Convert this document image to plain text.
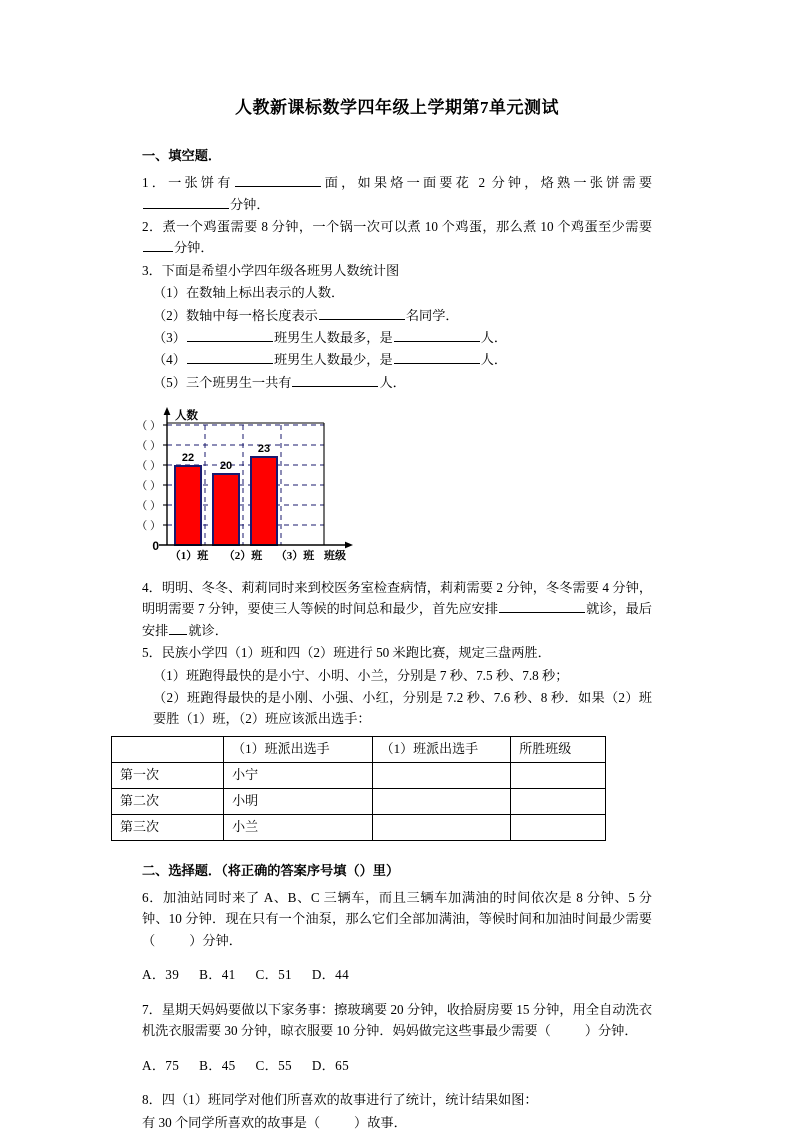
人教新课标数学四年级上学期第7单元测试
一、填空题．

1．一张饼有	面，如果烙一面要花 2 分钟，烙熟一张饼需要分钟．

2．煮一个鸡蛋需要 8 分钟，一个锅一次可以煮 10 个鸡蛋，那么煮 10 个鸡蛋至少需要分钟．

3．下面是希望小学四年级各班男人数统计图

（1）在数轴上标出表示的人数．

（2）数轴中每一格长度表示	名同学．

（3）	班男生人数最多，是	人．

（4）	班男生人数最少，是	人．

（5）三个班男生一共有	人．

22
20
23
（ ）
（ ）
（ ）
（ ）
（ ）
（ ）
0
人数
（1）班 （2）班 （3）班 班级

4．明明、冬冬、莉莉同时来到校医务室检查病情，莉莉需要 2 分钟，冬冬需要 4 分钟，明明需要 7 分钟，要使三人等候的时间总和最少，首先应安排	就诊，最后安排 就诊．

5．民族小学四（1）班和四（2）班进行 50 米跑比赛，规定三盘两胜．

（1）班跑得最快的是小宁、小明、小兰，分别是 7 秒、7.5 秒、7.8 秒；

（2）班跑得最快的是小刚、小强、小红，分别是 7.2 秒、7.6 秒、8 秒．如果（2）班要胜（1）班，（2）班应该派出选手：

	（1）班派出选手	（1）班派出选手	所胜班级
第一次	小宁		
第二次	小明		
第三次	小兰		
二、选择题．（将正确的答案序号填（）里）

6．加油站同时来了 A、B、C 三辆车，而且三辆车加满油的时间依次是 8 分钟、5 分钟、10 分钟．现在只有一个油泵，那么它们全部加满油，等候时间和加油时间最少需要（	）分钟．

A．39 B．41 C．51 D．44

7．星期天妈妈要做以下家务事：擦玻璃要 20 分钟，收拾厨房要 15 分钟，用全自动洗衣机洗衣服需要 30 分钟，晾衣服要 10 分钟．妈妈做完这些事最少需要（	）分钟．

A．75 B．45 C．55 D．65

8．四（1）班同学对他们所喜欢的故事进行了统计，统计结果如图：

有 30 个同学所喜欢的故事是（	）故事．
